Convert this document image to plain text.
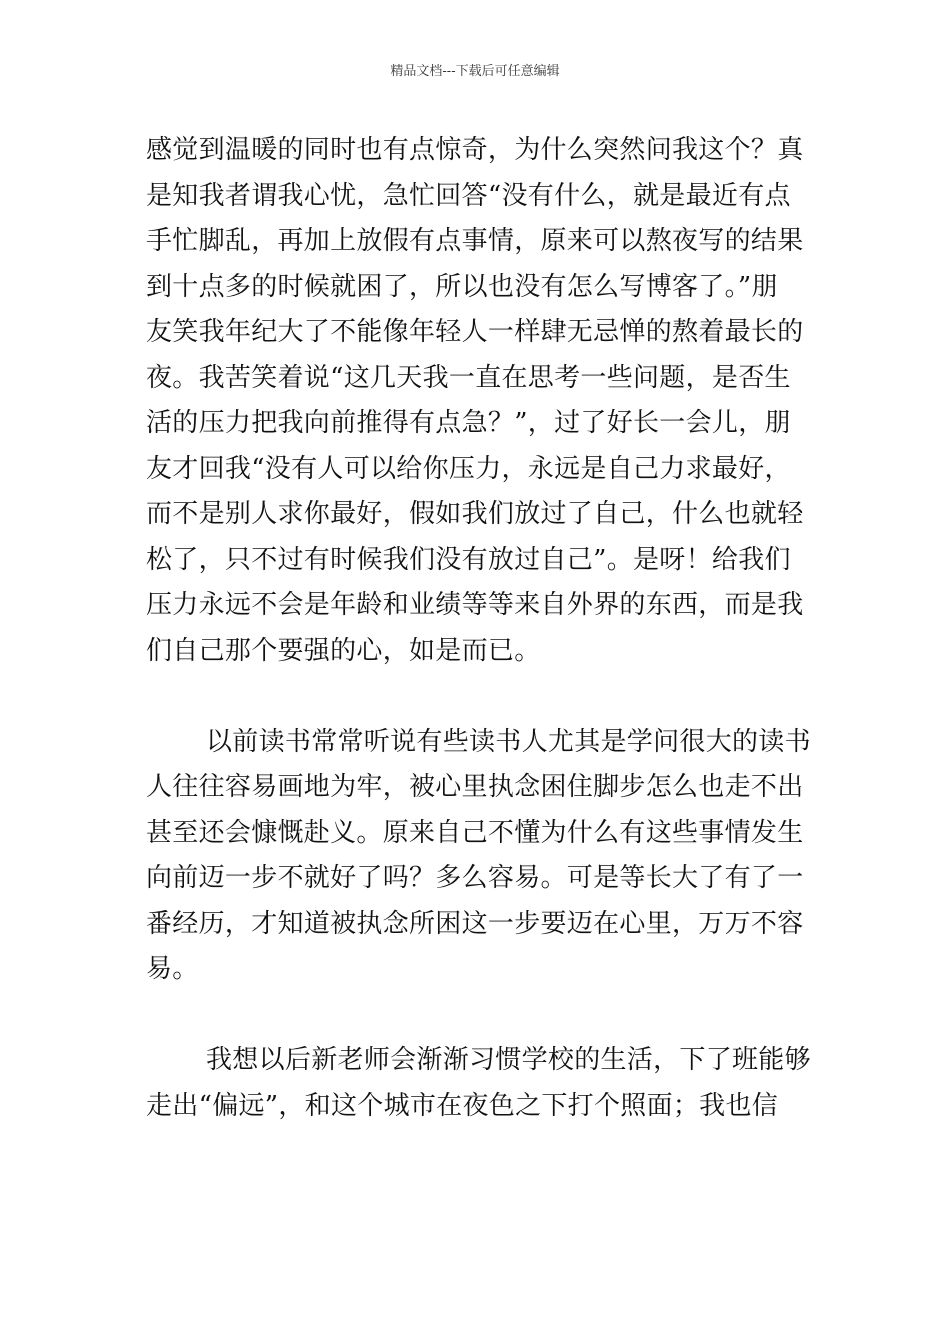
精品文档---下载后可任意编辑
感觉到温暖的同时也有点惊奇，为什么突然问我这个？真
是知我者谓我心忧，急忙回答“没有什么，就是最近有点
手忙脚乱，再加上放假有点事情，原来可以熬夜写的结果
到十点多的时候就困了，所以也没有怎么写博客了。”朋
友笑我年纪大了不能像年轻人一样肆无忌惮的熬着最长的
夜。我苦笑着说“这几天我一直在思考一些问题，是否生
活的压力把我向前推得有点急？”，过了好长一会儿，朋
友才回我“没有人可以给你压力，永远是自己力求最好，
而不是别人求你最好，假如我们放过了自己，什么也就轻
松了，只不过有时候我们没有放过自己”。是呀！给我们
压力永远不会是年龄和业绩等等来自外界的东西，而是我
们自己那个要强的心，如是而已。
以前读书常常听说有些读书人尤其是学问很大的读书
人往往容易画地为牢，被心里执念困住脚步怎么也走不出
甚至还会慷慨赴义。原来自己不懂为什么有这些事情发生
向前迈一步不就好了吗？多么容易。可是等长大了有了一
番经历，才知道被执念所困这一步要迈在心里，万万不容
易。
我想以后新老师会渐渐习惯学校的生活，下了班能够
走出“偏远”，和这个城市在夜色之下打个照面；我也信
